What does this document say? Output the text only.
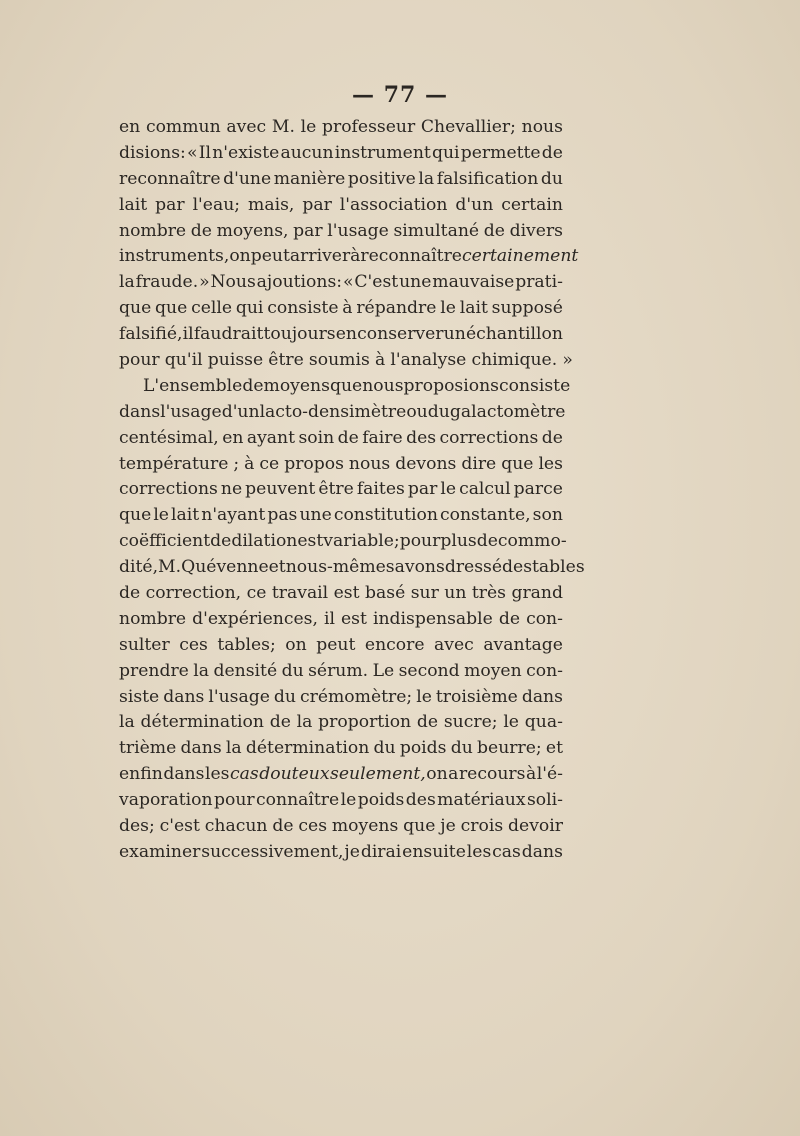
— 77 —
en commun avec M. le professeur Chevallier; nous
disions: « Il n'existe aucun instrument qui permette de
reconnaître d'une manière positive la falsification du
lait par l'eau; mais, par l'association d'un certain
nombre de moyens, par l'usage simultané de divers
instruments, on peut arriver à reconnaître certainement
la fraude. » Nous ajoutions: « C'est une mauvaise prati-
que que celle qui consiste à répandre le lait supposé
falsifié, il faudrait toujours en conserver un échantillon
pour qu'il puisse être soumis à l'analyse chimique. »
L'ensemble de moyens que nous proposions consiste
dans l'usage d'un lacto-densimètre ou du galactomètre
centésimal, en ayant soin de faire des corrections de
température ; à ce propos nous devons dire que les
corrections ne peuvent être faites par le calcul parce
que le lait n'ayant pas une constitution constante, son
coëfficient de dilation est variable; pour plus de commo-
dité, M. Quévenne et nous-mêmes avons dressé des tables
de correction, ce travail est basé sur un très grand
nombre d'expériences, il est indispensable de con-
sulter ces tables; on peut encore avec avantage
prendre la densité du sérum. Le second moyen con-
siste dans l'usage du crémomètre; le troisième dans
la détermination de la proportion de sucre; le qua-
trième dans la détermination du poids du beurre; et
enfin dans les cas douteux seulement, on a recours à l'é-
vaporation pour connaître le poids des matériaux soli-
des; c'est chacun de ces moyens que je crois devoir
examiner successivement, je dirai ensuite les cas dans
